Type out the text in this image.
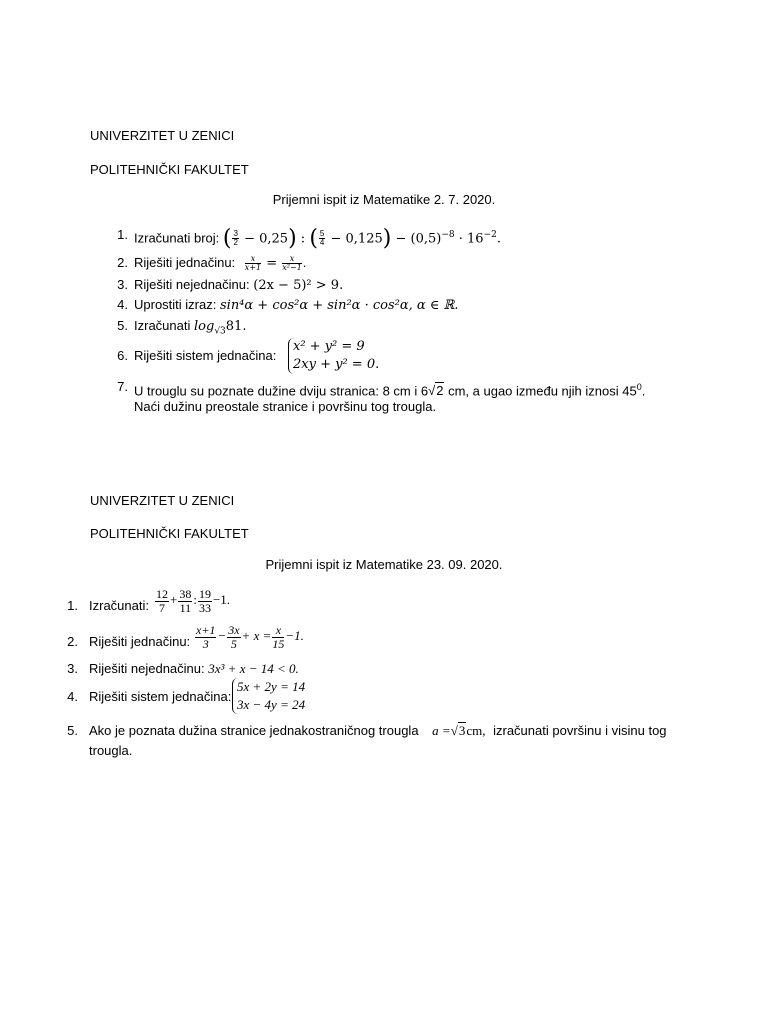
UNIVERZITET U ZENICI
POLITEHNIČKI FAKULTET
Prijemni ispit iz Matematike 2. 7. 2020.
1. Izračunati broj: ( $\frac{3}{2} - 0,25$) : ( $\frac{5}{4} - 0,125) - (0,5)^{-8} \cdot 16^{-2}$.
2. Riješiti jednačinu: $\frac{x}{x+1} = \frac{x}{\text{x²−1}}$ .
3. Riješiti nejednačinu: (2x − 5)² > 9.
4. Uprostiti izraz: sin⁴α + cos²α + sin²α · cos²α, α ∈ ℝ.
5. Izračunati $\log_{√3}81$.
6. Riješiti sistem jednačina:
x² + y² = 9
2xy + y² = 0.
7. U trouglu su poznate dužine dviju stranica: 8 cm i 6√2 cm, a ugao između njih iznosi $45^0$.
Naći dužinu preostale stranice i površinu tog trougla.
UNIVERZITET U ZENICI
POLITEHNIČKI FAKULTET
Prijemni ispit iz Matematike 23. 09. 2020.
1. Izračunati: $\frac{12}{7} + \frac{38}{11}$ : $\frac{19}{33} -1$.
2. Riješiti jednačinu: $\frac{x+1}{3} - \frac{3x}{5} + x = \frac{x}{15} -1$.
3. Riješiti nejednačinu: 3x³ + x − 14 < 0.
4. Riješiti sistem jednačina:
5x + 2y = 14
3x − 4y = 24
5. Ako je poznata dužina stranice jednakostraničnog trougla a =√3cm, izračunati površinu i visinu tog
trougla.
